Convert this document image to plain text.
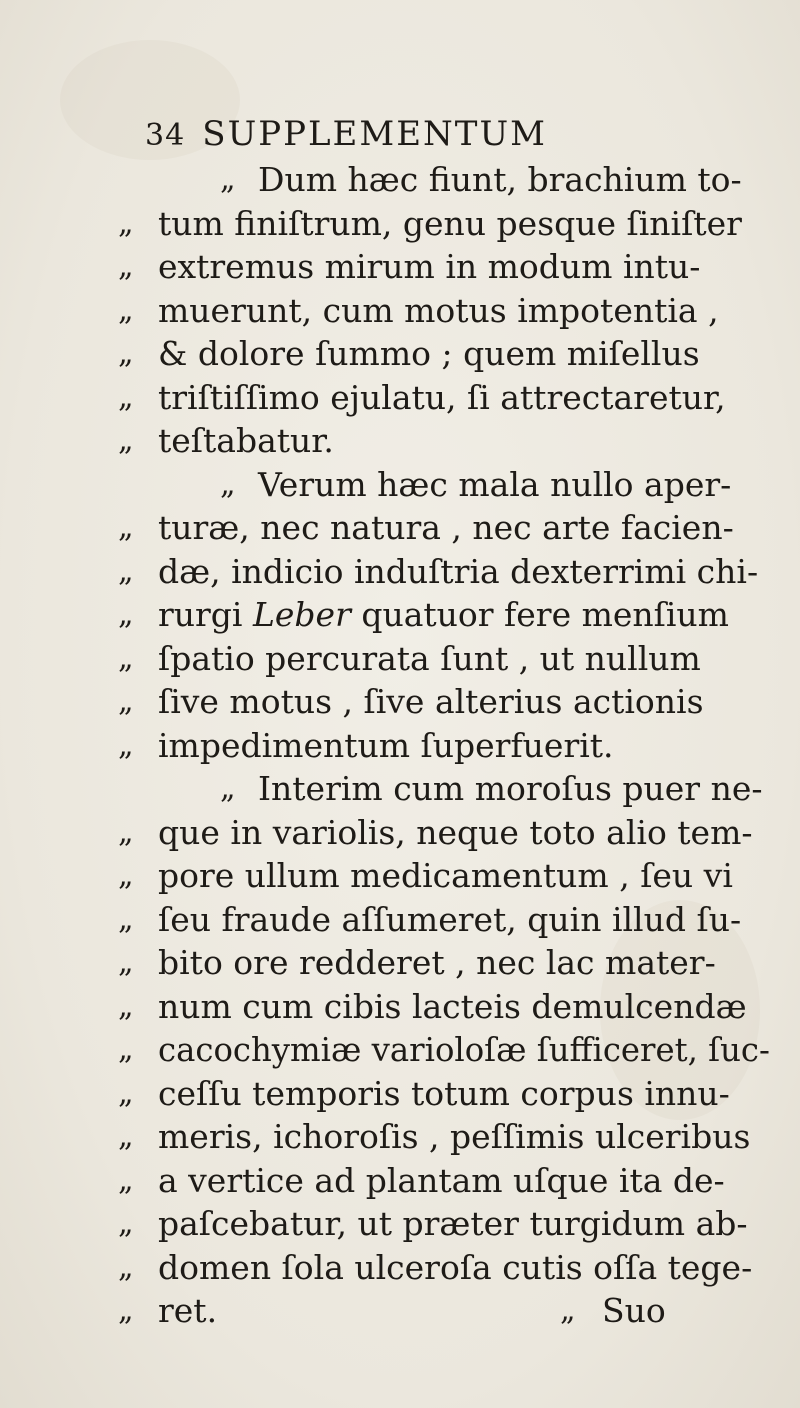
34 SUPPLEMENTUM
„ Dum hæc fiunt, brachium to-
„ tum finiſtrum, genu pesque ſiniſter
„ extremus mirum in modum intu-
„ muerunt, cum motus impotentia ,
„ & dolore ſummo ; quem miſellus
„ triſtiſſimo ejulatu, ſi attrectaretur,
„ teſtabatur.
„ Verum hæc mala nullo aper-
„ turæ, nec natura , nec arte facien-
„ dæ, indicio induſtria dexterrimi chi-
„ rurgi Leber quatuor fere menſium
„ ſpatio percurata ſunt , ut nullum
„ ſive motus , ſive alterius actionis
„ impedimentum ſuperfuerit.
„ Interim cum moroſus puer ne-
„ que in variolis, neque toto alio tem-
„ pore ullum medicamentum , ſeu vi
„ ſeu fraude aſſumeret, quin illud ſu-
„ bito ore redderet , nec lac mater-
„ num cum cibis lacteis demulcendæ
„ cacochymiæ varioloſæ ſufficeret, ſuc-
„ ceſſu temporis totum corpus innu-
„ meris, ichoroſis , peſſimis ulceribus
„ a vertice ad plantam uſque ita de-
„ paſcebatur, ut præter turgidum ab-
„ domen ſola ulceroſa cutis oſſa tege-
„ ret.	„ Suo
